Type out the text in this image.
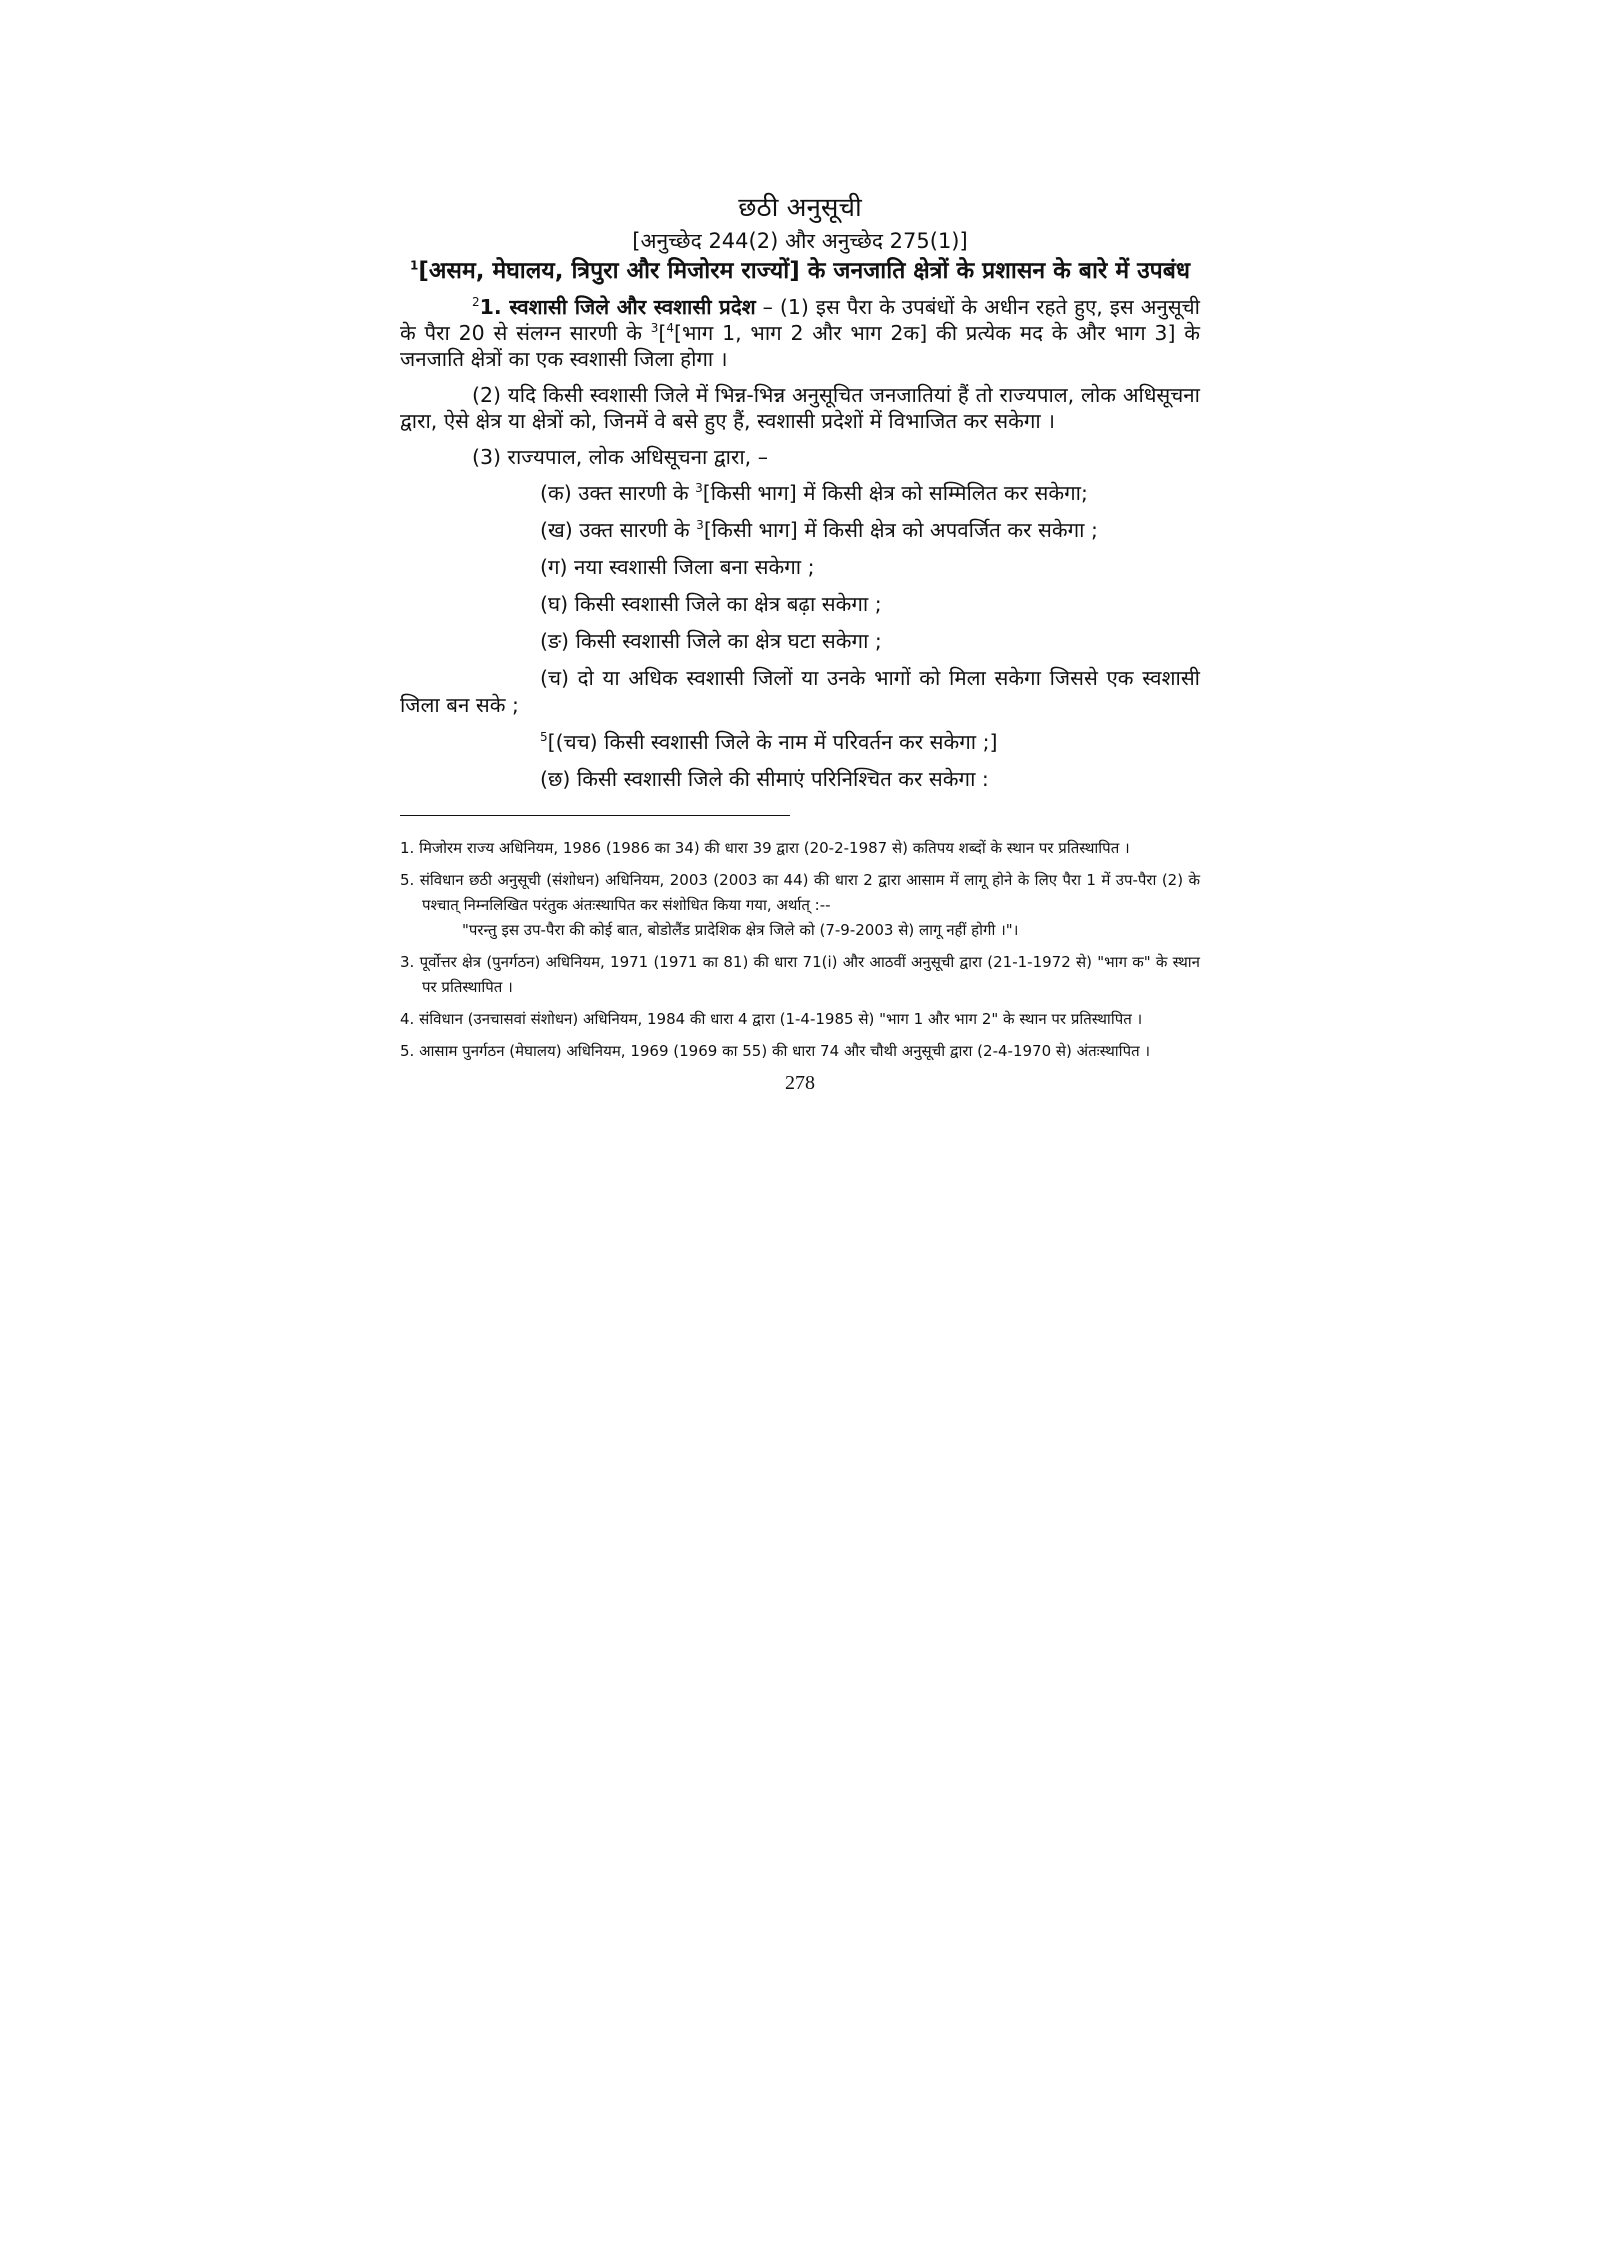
छठी अनुसूची

[अनुच्छेद 244(2) और अनुच्छेद 275(1)]

$^1$[असम, मेघालय, त्रिपुरा और मिजोरम राज्यों] के जनजाति क्षेत्रों के प्रशासन के बारे में उपबंध

$^2$1. स्वशासी जिले और स्वशासी प्रदेश – (1) इस पैरा के उपबंधों के अधीन रहते हुए, इस अनुसूची के पैरा 20 से संलग्न सारणी के $^3$[$^4$[भाग 1, भाग 2 और भाग 2क] की प्रत्येक मद के और भाग 3] के जनजाति क्षेत्रों का एक स्वशासी जिला होगा ।

(2) यदि किसी स्वशासी जिले में भिन्न-भिन्न अनुसूचित जनजातियां हैं तो राज्यपाल, लोक अधिसूचना द्वारा, ऐसे क्षेत्र या क्षेत्रों को, जिनमें वे बसे हुए हैं, स्वशासी प्रदेशों में विभाजित कर सकेगा ।

(3) राज्यपाल, लोक अधिसूचना द्वारा, –

(क) उक्त सारणी के $^3$[किसी भाग] में किसी क्षेत्र को सम्मिलित कर सकेगा;

(ख) उक्त सारणी के $^3$[किसी भाग] में किसी क्षेत्र को अपवर्जित कर सकेगा ;

(ग) नया स्वशासी जिला बना सकेगा ;

(घ) किसी स्वशासी जिले का क्षेत्र बढ़ा सकेगा ;

(ङ) किसी स्वशासी जिले का क्षेत्र घटा सकेगा ;

(च) दो या अधिक स्वशासी जिलों या उनके भागों को मिला सकेगा जिससे एक स्वशासी जिला बन सके ;

$^5$[(चच) किसी स्वशासी जिले के नाम में परिवर्तन कर सकेगा ;]

(छ) किसी स्वशासी जिले की सीमाएं परिनिश्चित कर सकेगा :

1. मिजोरम राज्य अधिनियम, 1986 (1986 का 34) की धारा 39 द्वारा (20-2-1987 से) कतिपय शब्दों के स्थान पर प्रतिस्थापित ।

5. संविधान छठी अनुसूची (संशोधन) अधिनियम, 2003 (2003 का 44) की धारा 2 द्वारा आसाम में लागू होने के लिए पैरा 1 में उप-पैरा (2) के पश्चात् निम्नलिखित परंतुक अंतःस्थापित कर संशोधित किया गया, अर्थात् :--
"परन्तु इस उप-पैरा की कोई बात, बोडोलैंड प्रादेशिक क्षेत्र जिले को (7-9-2003 से) लागू नहीं होगी ।"।

3. पूर्वोत्तर क्षेत्र (पुनर्गठन) अधिनियम, 1971 (1971 का 81) की धारा 71(i) और आठवीं अनुसूची द्वारा (21-1-1972 से) "भाग क" के स्थान पर प्रतिस्थापित ।

4. संविधान (उनचासवां संशोधन) अधिनियम, 1984 की धारा 4 द्वारा (1-4-1985 से) "भाग 1 और भाग 2" के स्थान पर प्रतिस्थापित ।

5. आसाम पुनर्गठन (मेघालय) अधिनियम, 1969 (1969 का 55) की धारा 74 और चौथी अनुसूची द्वारा (2-4-1970 से) अंतःस्थापित ।

278
